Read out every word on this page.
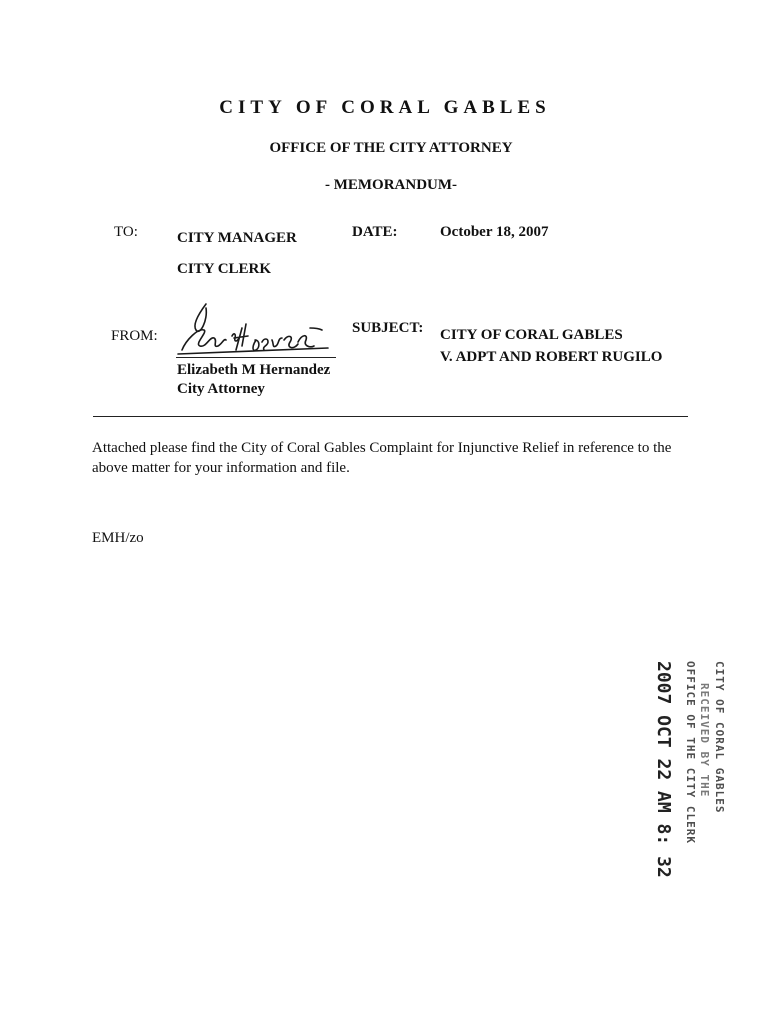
CITY OF CORAL GABLES
OFFICE OF THE CITY ATTORNEY
- MEMORANDUM-
TO:	CITY MANAGER
CITY CLERK
DATE:	October 18, 2007
FROM:
Elizabeth M Hernandez
City Attorney
SUBJECT: CITY OF CORAL GABLES
V. ADPT AND ROBERT RUGILO
Attached please find the City of Coral Gables Complaint for Injunctive Relief in reference to the above matter for your information and file.
EMH/zo
CITY OF CORAL GABLES
RECEIVED BY THE
OFFICE OF THE CITY CLERK
2007 OCT 22 AM 8: 32
